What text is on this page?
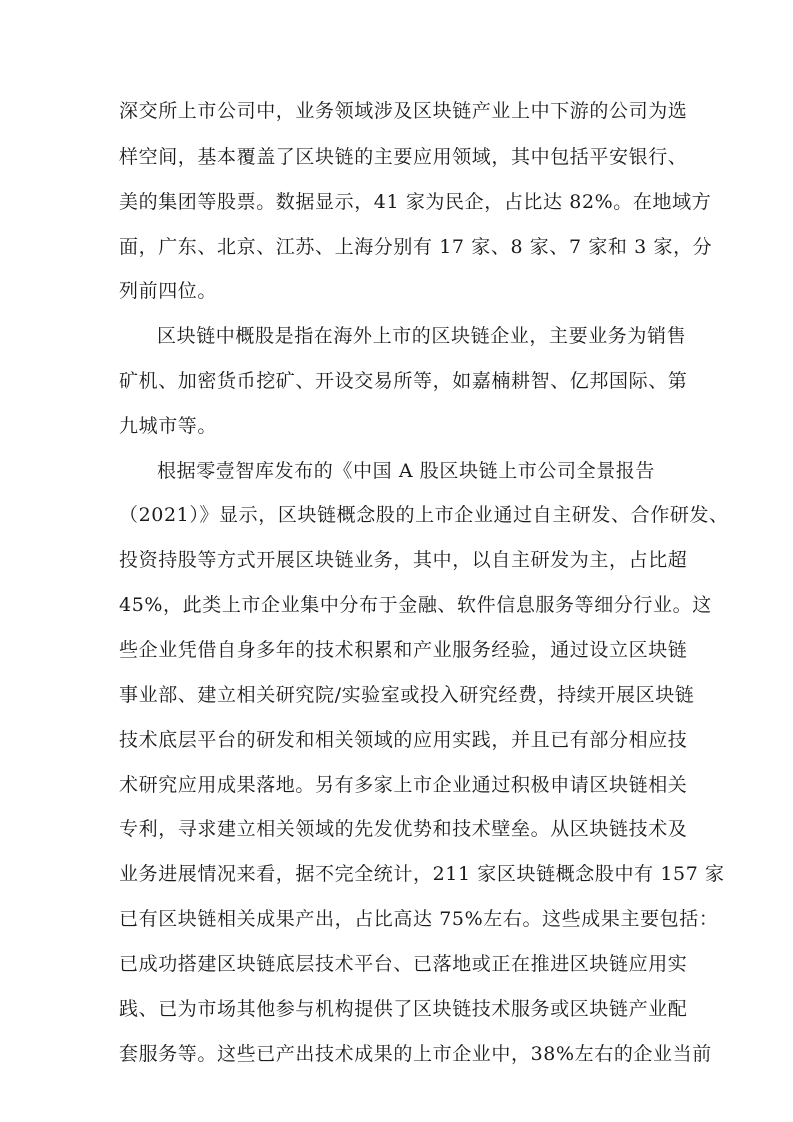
深交所上市公司中，业务领域涉及区块链产业上中下游的公司为选
样空间，基本覆盖了区块链的主要应用领域，其中包括平安银行、
美的集团等股票。数据显示，41 家为民企，占比达 82%。在地域方
面，广东、北京、江苏、上海分别有 17 家、8 家、7 家和 3 家，分
列前四位。
区块链中概股是指在海外上市的区块链企业，主要业务为销售
矿机、加密货币挖矿、开设交易所等，如嘉楠耕智、亿邦国际、第
九城市等。
根据零壹智库发布的《中国 A 股区块链上市公司全景报告
（2021）》显示，区块链概念股的上市企业通过自主研发、合作研发、
投资持股等方式开展区块链业务，其中，以自主研发为主，占比超
45%，此类上市企业集中分布于金融、软件信息服务等细分行业。这
些企业凭借自身多年的技术积累和产业服务经验，通过设立区块链
事业部、建立相关研究院/实验室或投入研究经费，持续开展区块链
技术底层平台的研发和相关领域的应用实践，并且已有部分相应技
术研究应用成果落地。另有多家上市企业通过积极申请区块链相关
专利，寻求建立相关领域的先发优势和技术壁垒。从区块链技术及
业务进展情况来看，据不完全统计，211 家区块链概念股中有 157 家
已有区块链相关成果产出，占比高达 75%左右。这些成果主要包括：
已成功搭建区块链底层技术平台、已落地或正在推进区块链应用实
践、已为市场其他参与机构提供了区块链技术服务或区块链产业配
套服务等。这些已产出技术成果的上市企业中，38%左右的企业当前
